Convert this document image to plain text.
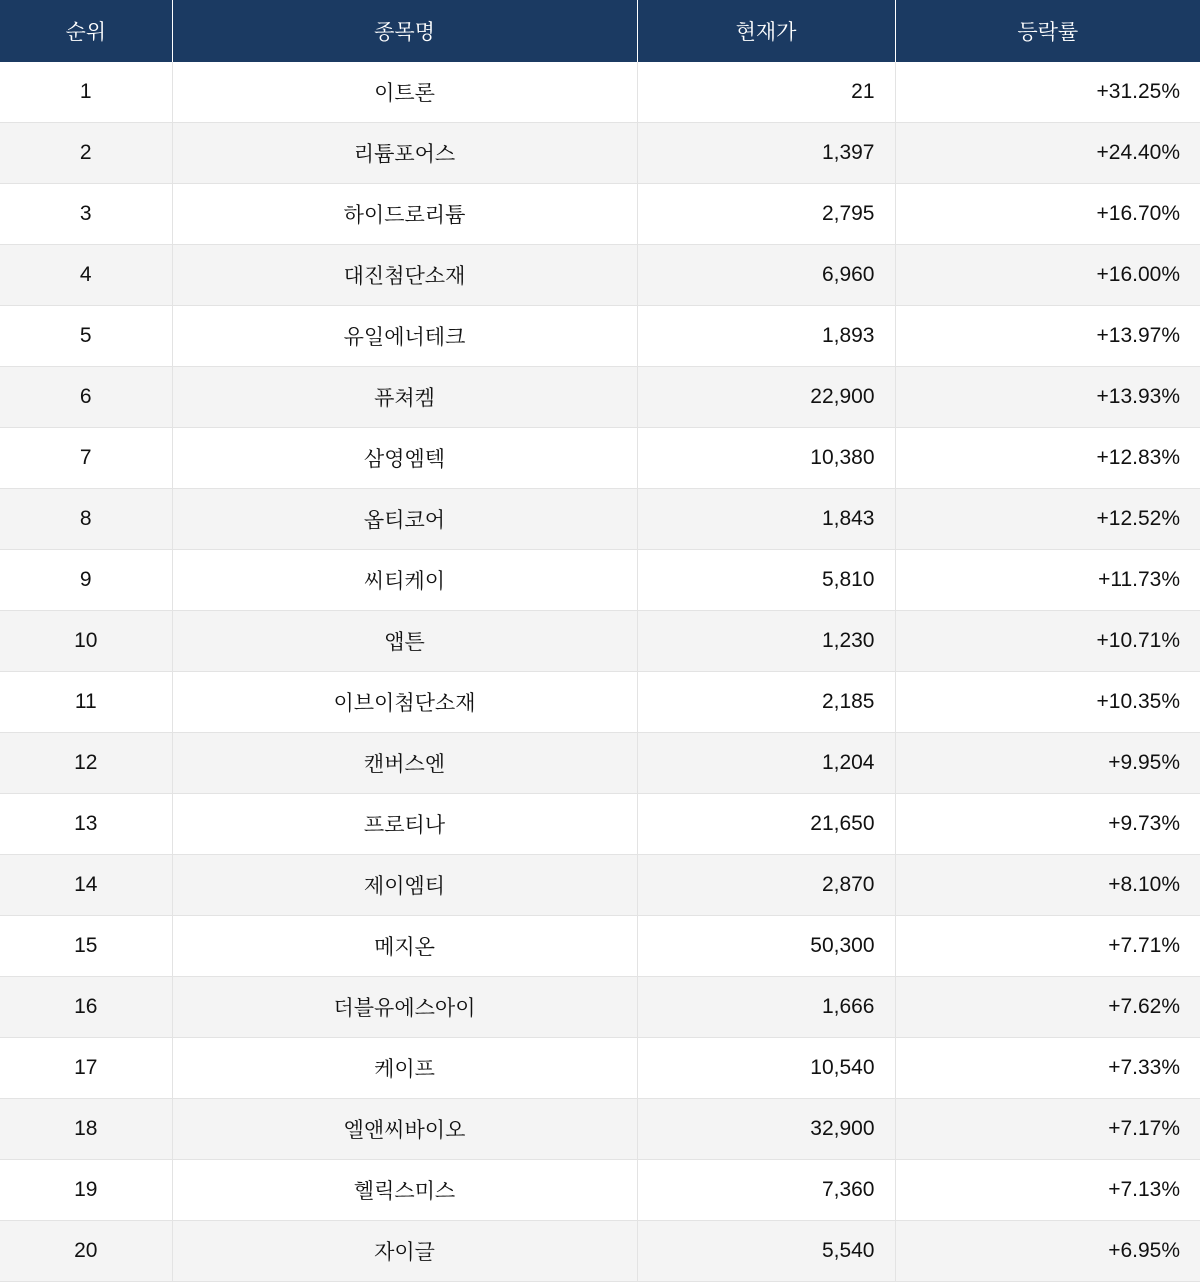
순위	종목명	현재가	등락률
1	이트론	21	+31.25%
2	리튬포어스	1,397	+24.40%
3	하이드로리튬	2,795	+16.70%
4	대진첨단소재	6,960	+16.00%
5	유일에너테크	1,893	+13.97%
6	퓨쳐켐	22,900	+13.93%
7	삼영엠텍	10,380	+12.83%
8	옵티코어	1,843	+12.52%
9	씨티케이	5,810	+11.73%
10	앱튼	1,230	+10.71%
11	이브이첨단소재	2,185	+10.35%
12	캔버스엔	1,204	+9.95%
13	프로티나	21,650	+9.73%
14	제이엠티	2,870	+8.10%
15	메지온	50,300	+7.71%
16	더블유에스아이	1,666	+7.62%
17	케이프	10,540	+7.33%
18	엘앤씨바이오	32,900	+7.17%
19	헬릭스미스	7,360	+7.13%
20	자이글	5,540	+6.95%
